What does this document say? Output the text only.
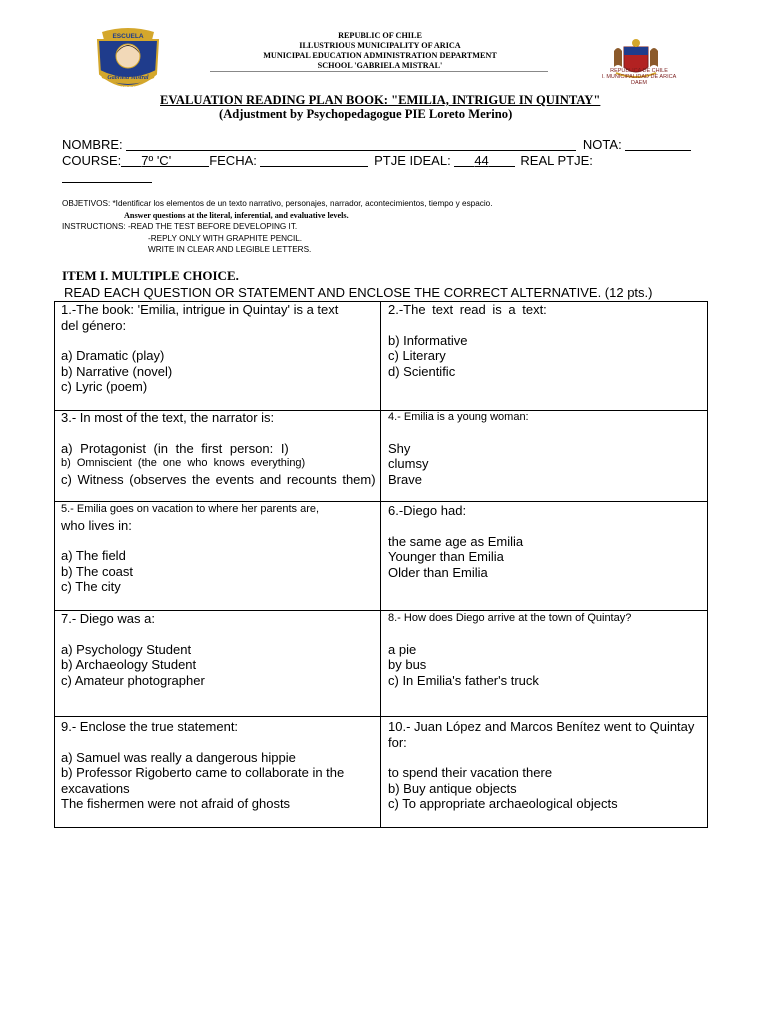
ESCUELA
Gabriela Mistral
ARICA
REPUBLIC OF CHILE
ILLUSTRIOUS MUNICIPALITY OF ARICA
MUNICIPAL EDUCATION ADMINISTRATION DEPARTMENT
SCHOOL 'GABRIELA MISTRAL'
REPÚBLICA DE CHILE
I. MUNICIPALIDAD DE ARICA
DAEM
EVALUATION READING PLAN BOOK: "EMILIA, INTRIGUE IN QUINTAY"
(Adjustment by Psychopedagogue PIE Loreto Merino)
NOMBRE:	NOTA:
COURSE: 7º 'C'	FECHA:	PTJE IDEAL: 44 REAL PTJE:
OBJETIVOS: *Identificar los elementos de un texto narrativo, personajes, narrador, acontecimientos, tiempo y espacio.
Answer questions at the literal, inferential, and evaluative levels.
INSTRUCTIONS: -READ THE TEST BEFORE DEVELOPING IT.
-REPLY ONLY WITH GRAPHITE PENCIL.
WRITE IN CLEAR AND LEGIBLE LETTERS.
ITEM I. MULTIPLE CHOICE.
READ EACH QUESTION OR STATEMENT AND ENCLOSE THE CORRECT ALTERNATIVE. (12 pts.)
1.-The book: 'Emilia, intrigue in Quintay' is a text
del género:
a) Dramatic (play)
b) Narrative (novel)
c) Lyric (poem)
2.-The text read is a text:
b) Informative
c) Literary
d) Scientific
3.- In most of the text, the narrator is:
a) Protagonist (in the first person: I)
b) Omniscient (the one who knows everything)
c) Witness (observes the events and recounts them)
4.- Emilia is a young woman:
Shy
clumsy
Brave
5.- Emilia goes on vacation to where her parents are,
who lives in:
a) The field
b) The coast
c) The city
6.-Diego had:
the same age as Emilia
Younger than Emilia
Older than Emilia
7.- Diego was a:
a) Psychology Student
b) Archaeology Student
c) Amateur photographer
8.- How does Diego arrive at the town of Quintay?
a pie
by bus
c) In Emilia's father's truck
9.- Enclose the true statement:
a) Samuel was really a dangerous hippie
b) Professor Rigoberto came to collaborate in the
excavations
The fishermen were not afraid of ghosts
10.- Juan López and Marcos Benítez went to Quintay
for:
to spend their vacation there
b) Buy antique objects
c) To appropriate archaeological objects
